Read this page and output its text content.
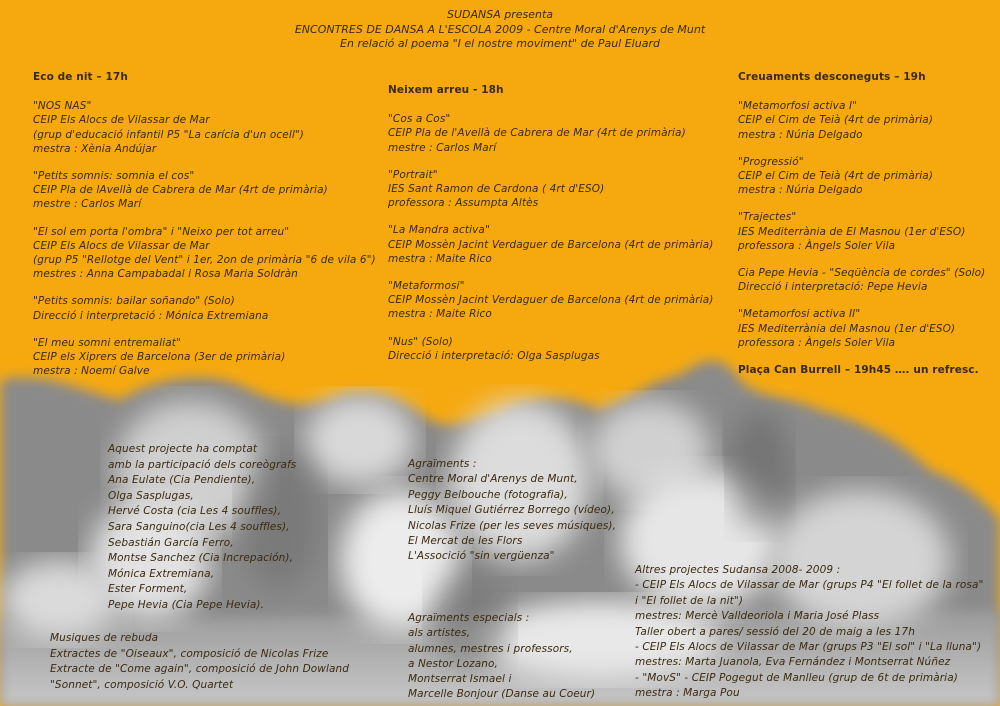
SUDANSA presenta
ENCONTRES DE DANSA A L'ESCOLA 2009 - Centre Moral d'Arenys de Munt
En relació al poema "I el nostre moviment" de Paul Eluard
Eco de nit – 17h
"NOS NAS"
CEIP Els Alocs de Vilassar de Mar
(grup d'educació infantil P5 "La carícia d'un ocell")
mestra : Xènia Andújar
"Petits somnis: somnia el cos"
CEIP Pla de lAvellà de Cabrera de Mar (4rt de primària)
mestre : Carlos Marí
"El sol em porta l'ombra" i "Neixo per tot arreu"
CEIP Els Alocs de Vilassar de Mar
(grup P5 "Rellotge del Vent" i 1er, 2on de primària "6 de vila 6")
mestres : Anna Campabadal i Rosa Maria Soldràn
"Petits somnis: bailar soñando" (Solo)
Direcció i interpretació : Mónica Extremiana
"El meu somni entremaliat"
CEIP els Xiprers de Barcelona (3er de primària)
mestra : Noemí Galve
Neixem arreu - 18h
"Cos a Cos"
CEIP Pla de l'Avellà de Cabrera de Mar (4rt de primària)
mestre : Carlos Marí
"Portrait"
IES Sant Ramon de Cardona ( 4rt d'ESO)
professora : Assumpta Altès
"La Mandra activa"
CEIP Mossèn Jacint Verdaguer de Barcelona (4rt de primària)
mestra : Maite Rico
"Metaformosi"
CEIP Mossèn Jacint Verdaguer de Barcelona (4rt de primària)
mestra : Maite Rico
"Nus" (Solo)
Direcció i interpretació: Olga Sasplugas
Creuaments desconeguts – 19h
"Metamorfosi activa I"
CEIP el Cim de Teià (4rt de primària)
mestra : Núria Delgado
"Progressió"
CEIP el Cim de Teià (4rt de primària)
mestra : Núria Delgado
"Trajectes"
IES Mediterrània de El Masnou (1er d'ESO)
professora : Àngels Soler Vila
Cia Pepe Hevia - "Seqüència de cordes" (Solo)
Direcció i interpretació: Pepe Hevia
"Metamorfosi activa II"
IES Mediterrània del Masnou (1er d'ESO)
professora : Àngels Soler Vila
Plaça Can Burrell – 19h45 …. un refresc.
Aquest projecte ha comptat
amb la participació dels coreògrafs
Ana Eulate (Cia Pendiente),
Olga Sasplugas,
Hervé Costa (cia Les 4 souffles),
Sara Sanguino(cia Les 4 souffles),
Sebastián García Ferro,
Montse Sanchez (Cia Increpación),
Mónica Extremiana,
Ester Forment,
Pepe Hevia (Cia Pepe Hevia).
Musiques de rebuda
Extractes de "Oiseaux", composició de Nicolas Frize
Extracte de "Come again", composició de John Dowland
"Sonnet", composició V.O. Quartet
Agraïments :
Centre Moral d'Arenys de Munt,
Peggy Belbouche (fotografia),
Lluís Miquel Gutiérrez Borrego (vídeo),
Nicolas Frize (per les seves músiques),
El Mercat de les Flors
L'Associció "sin vergüenza"
Agraïments especials :
als artistes,
alumnes, mestres i professors,
a Nestor Lozano,
Montserrat Ismael i
Marcelle Bonjour (Danse au Coeur)
Altres projectes Sudansa 2008- 2009 :
- CEIP Els Alocs de Vilassar de Mar (grups P4 "El follet de la rosa"
i "El follet de la nit")
mestres: Mercè Valldeoriola i Maria José Plass
Taller obert a pares/ sessió del 20 de maig a les 17h
- CEIP Els Alocs de Vilassar de Mar (grups P3 "El sol" i "La lluna")
mestres: Marta Juanola, Eva Fernández i Montserrat Núñez
- "MovS" - CEIP Pogegut de Manlleu (grup de 6t de primària)
mestra : Marga Pou
